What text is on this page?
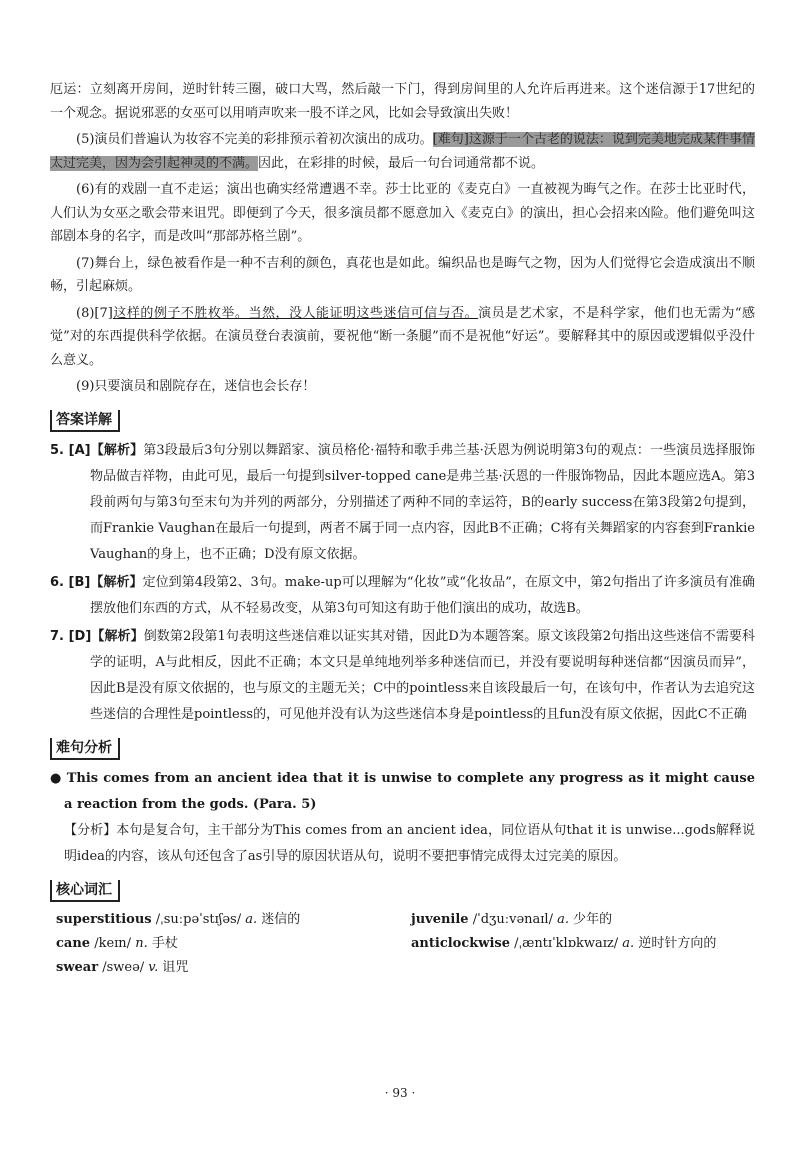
厄运：立刻离开房间，逆时针转三圈，破口大骂，然后敲一下门，得到房间里的人允许后再进来。这个迷信源于17世纪的一个观念。据说邪恶的女巫可以用哨声吹来一股不详之风，比如会导致演出失败！

(5)演员们普遍认为妆容不完美的彩排预示着初次演出的成功。[难句]这源于一个古老的说法：说到完美地完成某件事情太过完美，因为会引起神灵的不满。因此，在彩排的时候，最后一句台词通常都不说。

(6)有的戏剧一直不走运；演出也确实经常遭遇不幸。莎士比亚的《麦克白》一直被视为晦气之作。在莎士比亚时代，人们认为女巫之歌会带来诅咒。即便到了今天，很多演员都不愿意加入《麦克白》的演出，担心会招来凶险。他们避免叫这部剧本身的名字，而是改叫“那部苏格兰剧”。

(7)舞台上，绿色被看作是一种不吉利的颜色，真花也是如此。编织品也是晦气之物，因为人们觉得它会造成演出不顺畅，引起麻烦。

(8)[7]这样的例子不胜枚举。当然，没人能证明这些迷信可信与否。演员是艺术家，不是科学家，他们也无需为“感觉”对的东西提供科学依据。在演员登台表演前，要祝他“断一条腿”而不是祝他“好运”。要解释其中的原因或逻辑似乎没什么意义。

(9)只要演员和剧院存在，迷信也会长存！

答案详解

5. [A]【解析】第3段最后3句分别以舞蹈家、演员格伦·福特和歌手弗兰基·沃恩为例说明第3句的观点：一些演员选择服饰物品做吉祥物，由此可见，最后一句提到silver-topped cane是弗兰基·沃恩的一件服饰物品，因此本题应选A。第3段前两句与第3句至末句为并列的两部分，分别描述了两种不同的幸运符，B的early success在第3段第2句提到，而Frankie Vaughan在最后一句提到，两者不属于同一点内容，因此B不正确；C将有关舞蹈家的内容套到Frankie Vaughan的身上，也不正确；D没有原文依据。

6. [B]【解析】定位到第4段第2、3句。make-up可以理解为“化妆”或“化妆品”，在原文中，第2句指出了许多演员有准确摆放他们东西的方式，从不轻易改变，从第3句可知这有助于他们演出的成功，故选B。

7. [D]【解析】倒数第2段第1句表明这些迷信难以证实其对错，因此D为本题答案。原文该段第2句指出这些迷信不需要科学的证明，A与此相反，因此不正确；本文只是单纯地列举多种迷信而已，并没有要说明每种迷信都“因演员而异”，因此B是没有原文依据的，也与原文的主题无关；C中的pointless来自该段最后一句，在该句中，作者认为去追究这些迷信的合理性是pointless的，可见他并没有认为这些迷信本身是pointless的且fun没有原文依据，因此C不正确

难句分析

● This comes from an ancient idea that it is unwise to complete any progress as it might cause a reaction from the gods. (Para. 5)

【分析】本句是复合句，主干部分为This comes from an ancient idea，同位语从句that it is unwise...gods解释说明idea的内容，该从句还包含了as引导的原因状语从句，说明不要把事情完成得太过完美的原因。

核心词汇
superstitious /ˌsuːpəˈstɪʃəs/ a. 迷信的	juvenile /ˈdʒuːvənaɪl/ a. 少年的
cane /keɪn/ n. 手杖	anticlockwise /ˌæntɪˈklɒkwaɪz/ a. 逆时针方向的
swear /sweə/ v. 诅咒
· 93 ·
